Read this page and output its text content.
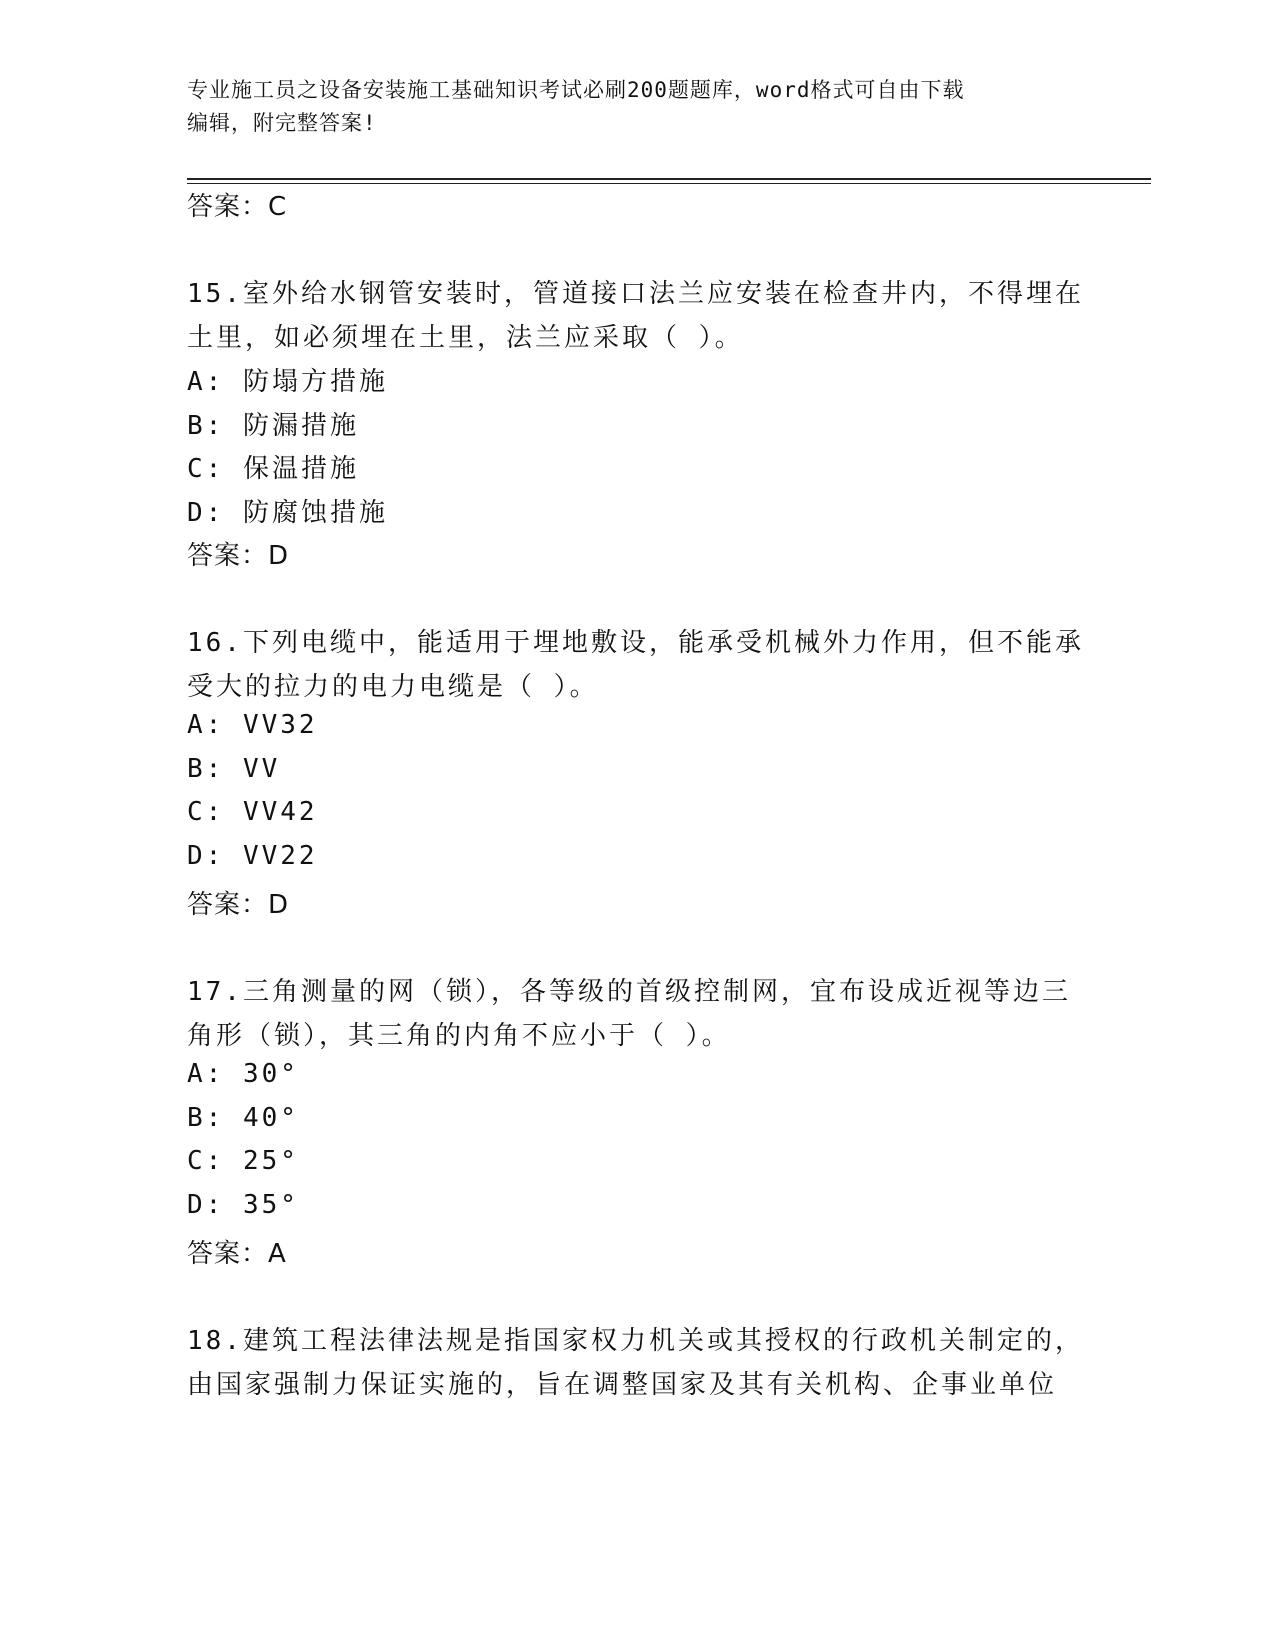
专业施工员之设备安装施工基础知识考试必刷200题题库，word格式可自由下载
编辑，附完整答案!
答案：C
15.室外给水钢管安装时，管道接口法兰应安装在检查井内，不得埋在
土里，如必须埋在土里，法兰应采取（ ）。
A: 防塌方措施
B: 防漏措施
C: 保温措施
D: 防腐蚀措施
答案：D
16.下列电缆中，能适用于埋地敷设，能承受机械外力作用，但不能承
受大的拉力的电力电缆是（ ）。
A: VV32
B: VV
C: VV42
D: VV22
答案：D
17.三角测量的网（锁），各等级的首级控制网，宜布设成近视等边三
角形（锁），其三角的内角不应小于（ ）。
A: 30°
B: 40°
C: 25°
D: 35°
答案：A
18.建筑工程法律法规是指国家权力机关或其授权的行政机关制定的，
由国家强制力保证实施的，旨在调整国家及其有关机构、企事业单位
